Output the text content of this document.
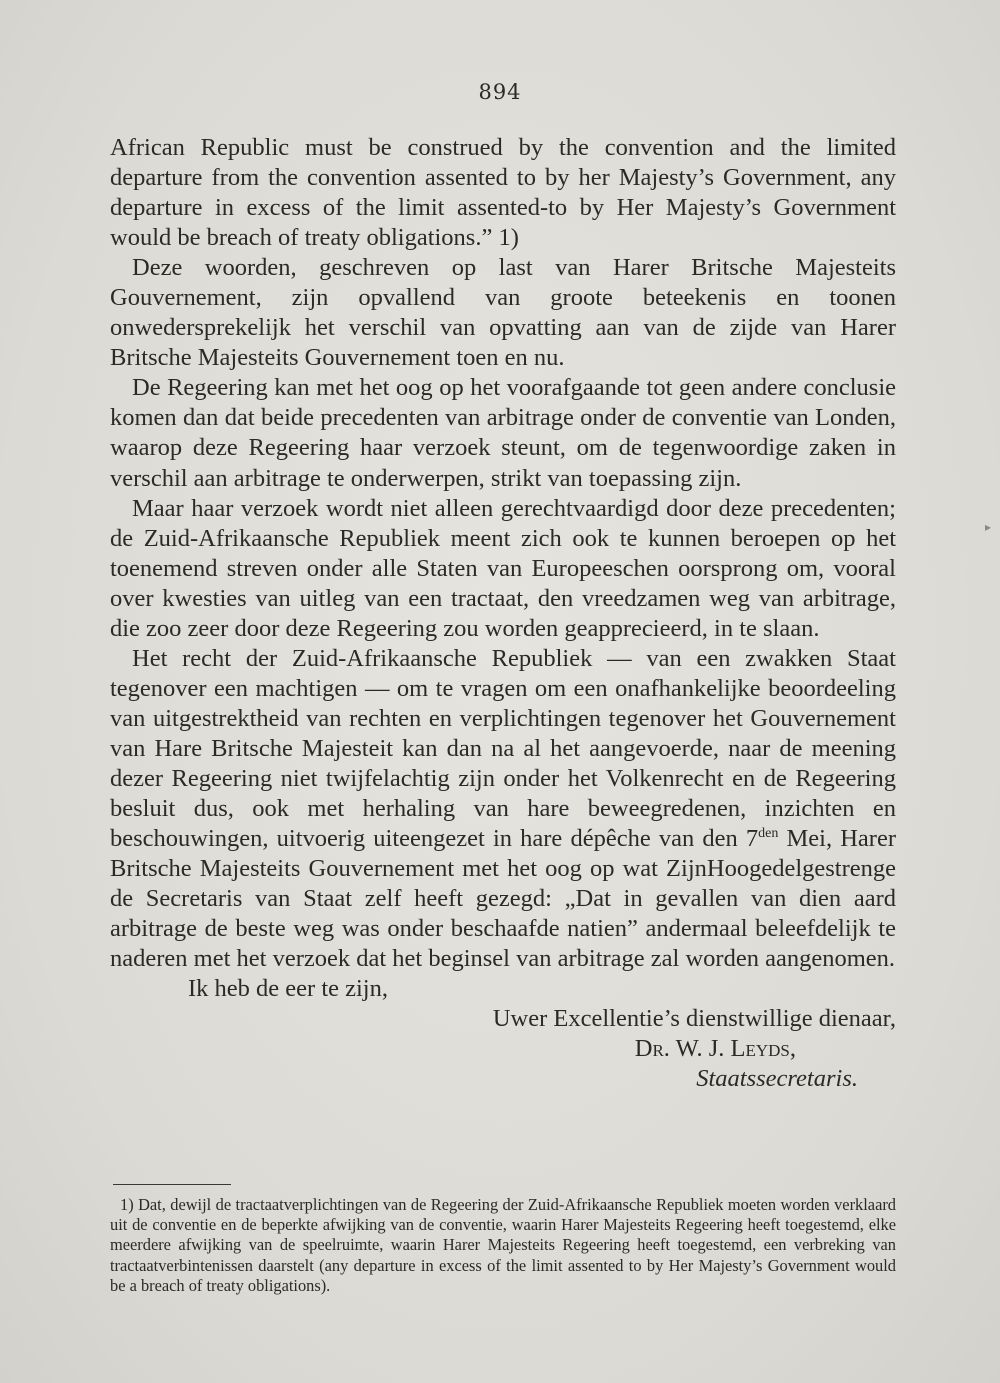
894

African Republic must be construed by the convention and the limited departure from the convention assented to by her Majesty’s Government, any departure in excess of the limit assented-to by Her Majesty’s Government would be breach of treaty obligations.” 1)

Deze woorden, geschreven op last van Harer Britsche Majesteits Gouvernement, zijn opvallend van groote beteekenis en toonen onwedersprekelijk het verschil van opvatting aan van de zijde van Harer Britsche Majesteits Gouvernement toen en nu.

De Regeering kan met het oog op het voorafgaande tot geen andere conclusie komen dan dat beide precedenten van arbitrage onder de conventie van Londen, waarop deze Regeering haar verzoek steunt, om de tegenwoordige zaken in verschil aan arbitrage te onderwerpen, strikt van toepassing zijn.

Maar haar verzoek wordt niet alleen gerechtvaardigd door deze precedenten; de Zuid-Afrikaansche Republiek meent zich ook te kunnen beroepen op het toenemend streven onder alle Staten van Europeeschen oorsprong om, vooral over kwesties van uitleg van een tractaat, den vreedzamen weg van arbitrage, die zoo zeer door deze Regeering zou worden geapprecieerd, in te slaan.

Het recht der Zuid-Afrikaansche Republiek — van een zwakken Staat tegenover een machtigen — om te vragen om een onafhankelijke beoordeeling van uitgestrektheid van rechten en verplichtingen tegenover het Gouvernement van Hare Britsche Majesteit kan dan na al het aangevoerde, naar de meening dezer Regeering niet twijfelachtig zijn onder het Volkenrecht en de Regeering besluit dus, ook met herhaling van hare beweegredenen, inzichten en beschouwingen, uitvoerig uiteengezet in hare dépêche van den $7^{den}$ Mei, Harer Britsche Majesteits Gouvernement met het oog op wat ZijnHoogedelgestrenge de Secretaris van Staat zelf heeft gezegd: „Dat in gevallen van dien aard arbitrage de beste weg was onder beschaafde natien” andermaal beleefdelijk te naderen met het verzoek dat het beginsel van arbitrage zal worden aangenomen.

Ik heb de eer te zijn,

Uwer Excellentie’s dienstwillige dienaar,

Dr. W. J. Leyds,

Staatssecretaris.

1) Dat, dewijl de tractaatverplichtingen van de Regeering der Zuid-Afrikaansche Republiek moeten worden verklaard uit de conventie en de beperkte afwijking van de conventie, waarin Harer Majesteits Regeering heeft toegestemd, elke meerdere afwijking van de speelruimte, waarin Harer Majesteits Regeering heeft toegestemd, een verbreking van tractaatverbintenissen daarstelt (any departure in excess of the limit assented to by Her Majesty’s Government would be a breach of treaty obligations).

▸
